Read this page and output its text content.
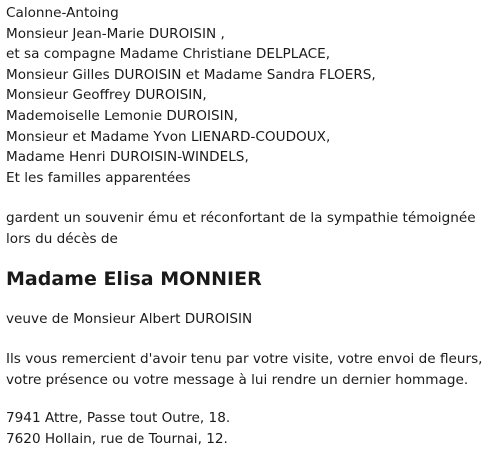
Calonne-Antoing

Monsieur Jean-Marie DUROISIN ,

et sa compagne Madame Christiane DELPLACE,

Monsieur Gilles DUROISIN et Madame Sandra FLOERS,

Monsieur Geoffrey DUROISIN,

Mademoiselle Lemonie DUROISIN,

Monsieur et Madame Yvon LIENARD-COUDOUX,

Madame Henri DUROISIN-WINDELS,

Et les familles apparentées

gardent un souvenir ému et réconfortant de la sympathie témoignée

lors du décès de

Madame Elisa MONNIER

veuve de Monsieur Albert DUROISIN

Ils vous remercient d'avoir tenu par votre visite, votre envoi de fleurs,

votre présence ou votre message à lui rendre un dernier hommage.

7941 Attre, Passe tout Outre, 18.

7620 Hollain, rue de Tournai, 12.
